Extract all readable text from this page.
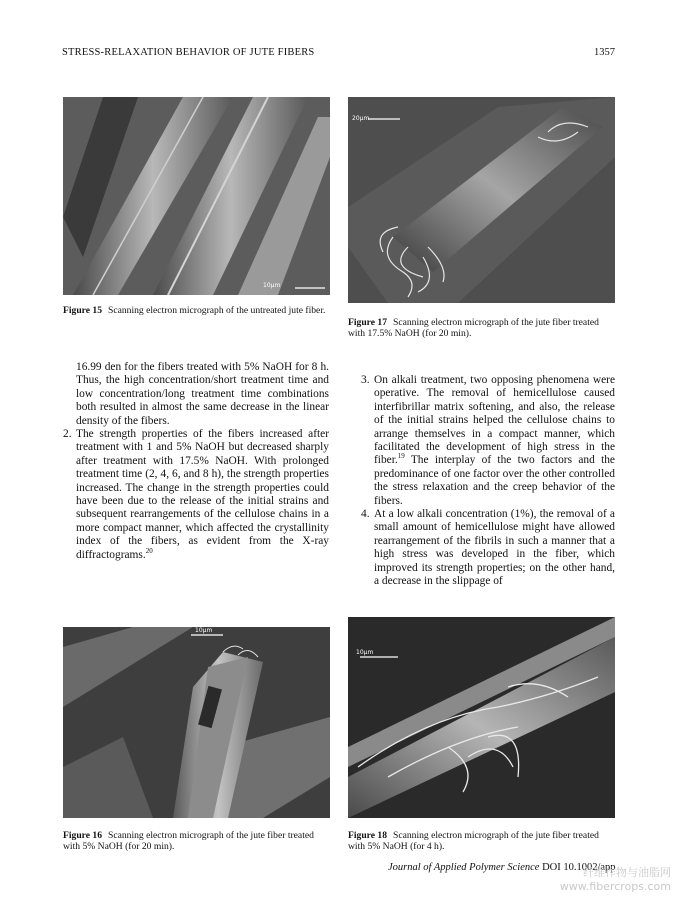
STRESS-RELAXATION BEHAVIOR OF JUTE FIBERS	1357
10µm
Figure 15 Scanning electron micrograph of the untreated jute fiber.
20µm
Figure 17 Scanning electron micrograph of the jute fiber treated with 17.5% NaOH (for 20 min).

16.99 den for the fibers treated with 5% NaOH for 8 h. Thus, the high concentration/short treatment time and low concentration/long treatment time combinations both resulted in almost the same decrease in the linear density of the fibers.

2. The strength properties of the fibers increased after treatment with 1 and 5% NaOH but decreased sharply after treatment with 17.5% NaOH. With prolonged treatment time (2, 4, 6, and 8 h), the strength properties increased. The change in the strength properties could have been due to the release of the initial strains and subsequent rearrangements of the cellulose chains in a more compact manner, which affected the crystallinity index of the fibers, as evident from the X-ray diffractograms.$^{20}$

3. On alkali treatment, two opposing phenomena were operative. The removal of hemicellulose caused interfibrillar matrix softening, and also, the release of the initial strains helped the cellulose chains to arrange themselves in a compact manner, which facilitated the development of high stress in the fiber.$^{19}$ The interplay of the two factors and the predominance of one factor over the other controlled the stress relaxation and the creep behavior of the fibers.

4. At a low alkali concentration (1%), the removal of a small amount of hemicellulose might have allowed rearrangement of the fibrils in such a manner that a high stress was developed in the fiber, which improved its strength properties; on the other hand, a decrease in the slippage of

10µm
Figure 16 Scanning electron micrograph of the jute fiber treated with 5% NaOH (for 20 min).
10µm
Figure 18 Scanning electron micrograph of the jute fiber treated with 5% NaOH (for 4 h).
Journal of Applied Polymer Science DOI 10.1002/app
纤维作物与油脂网
www.fibercrops.com
